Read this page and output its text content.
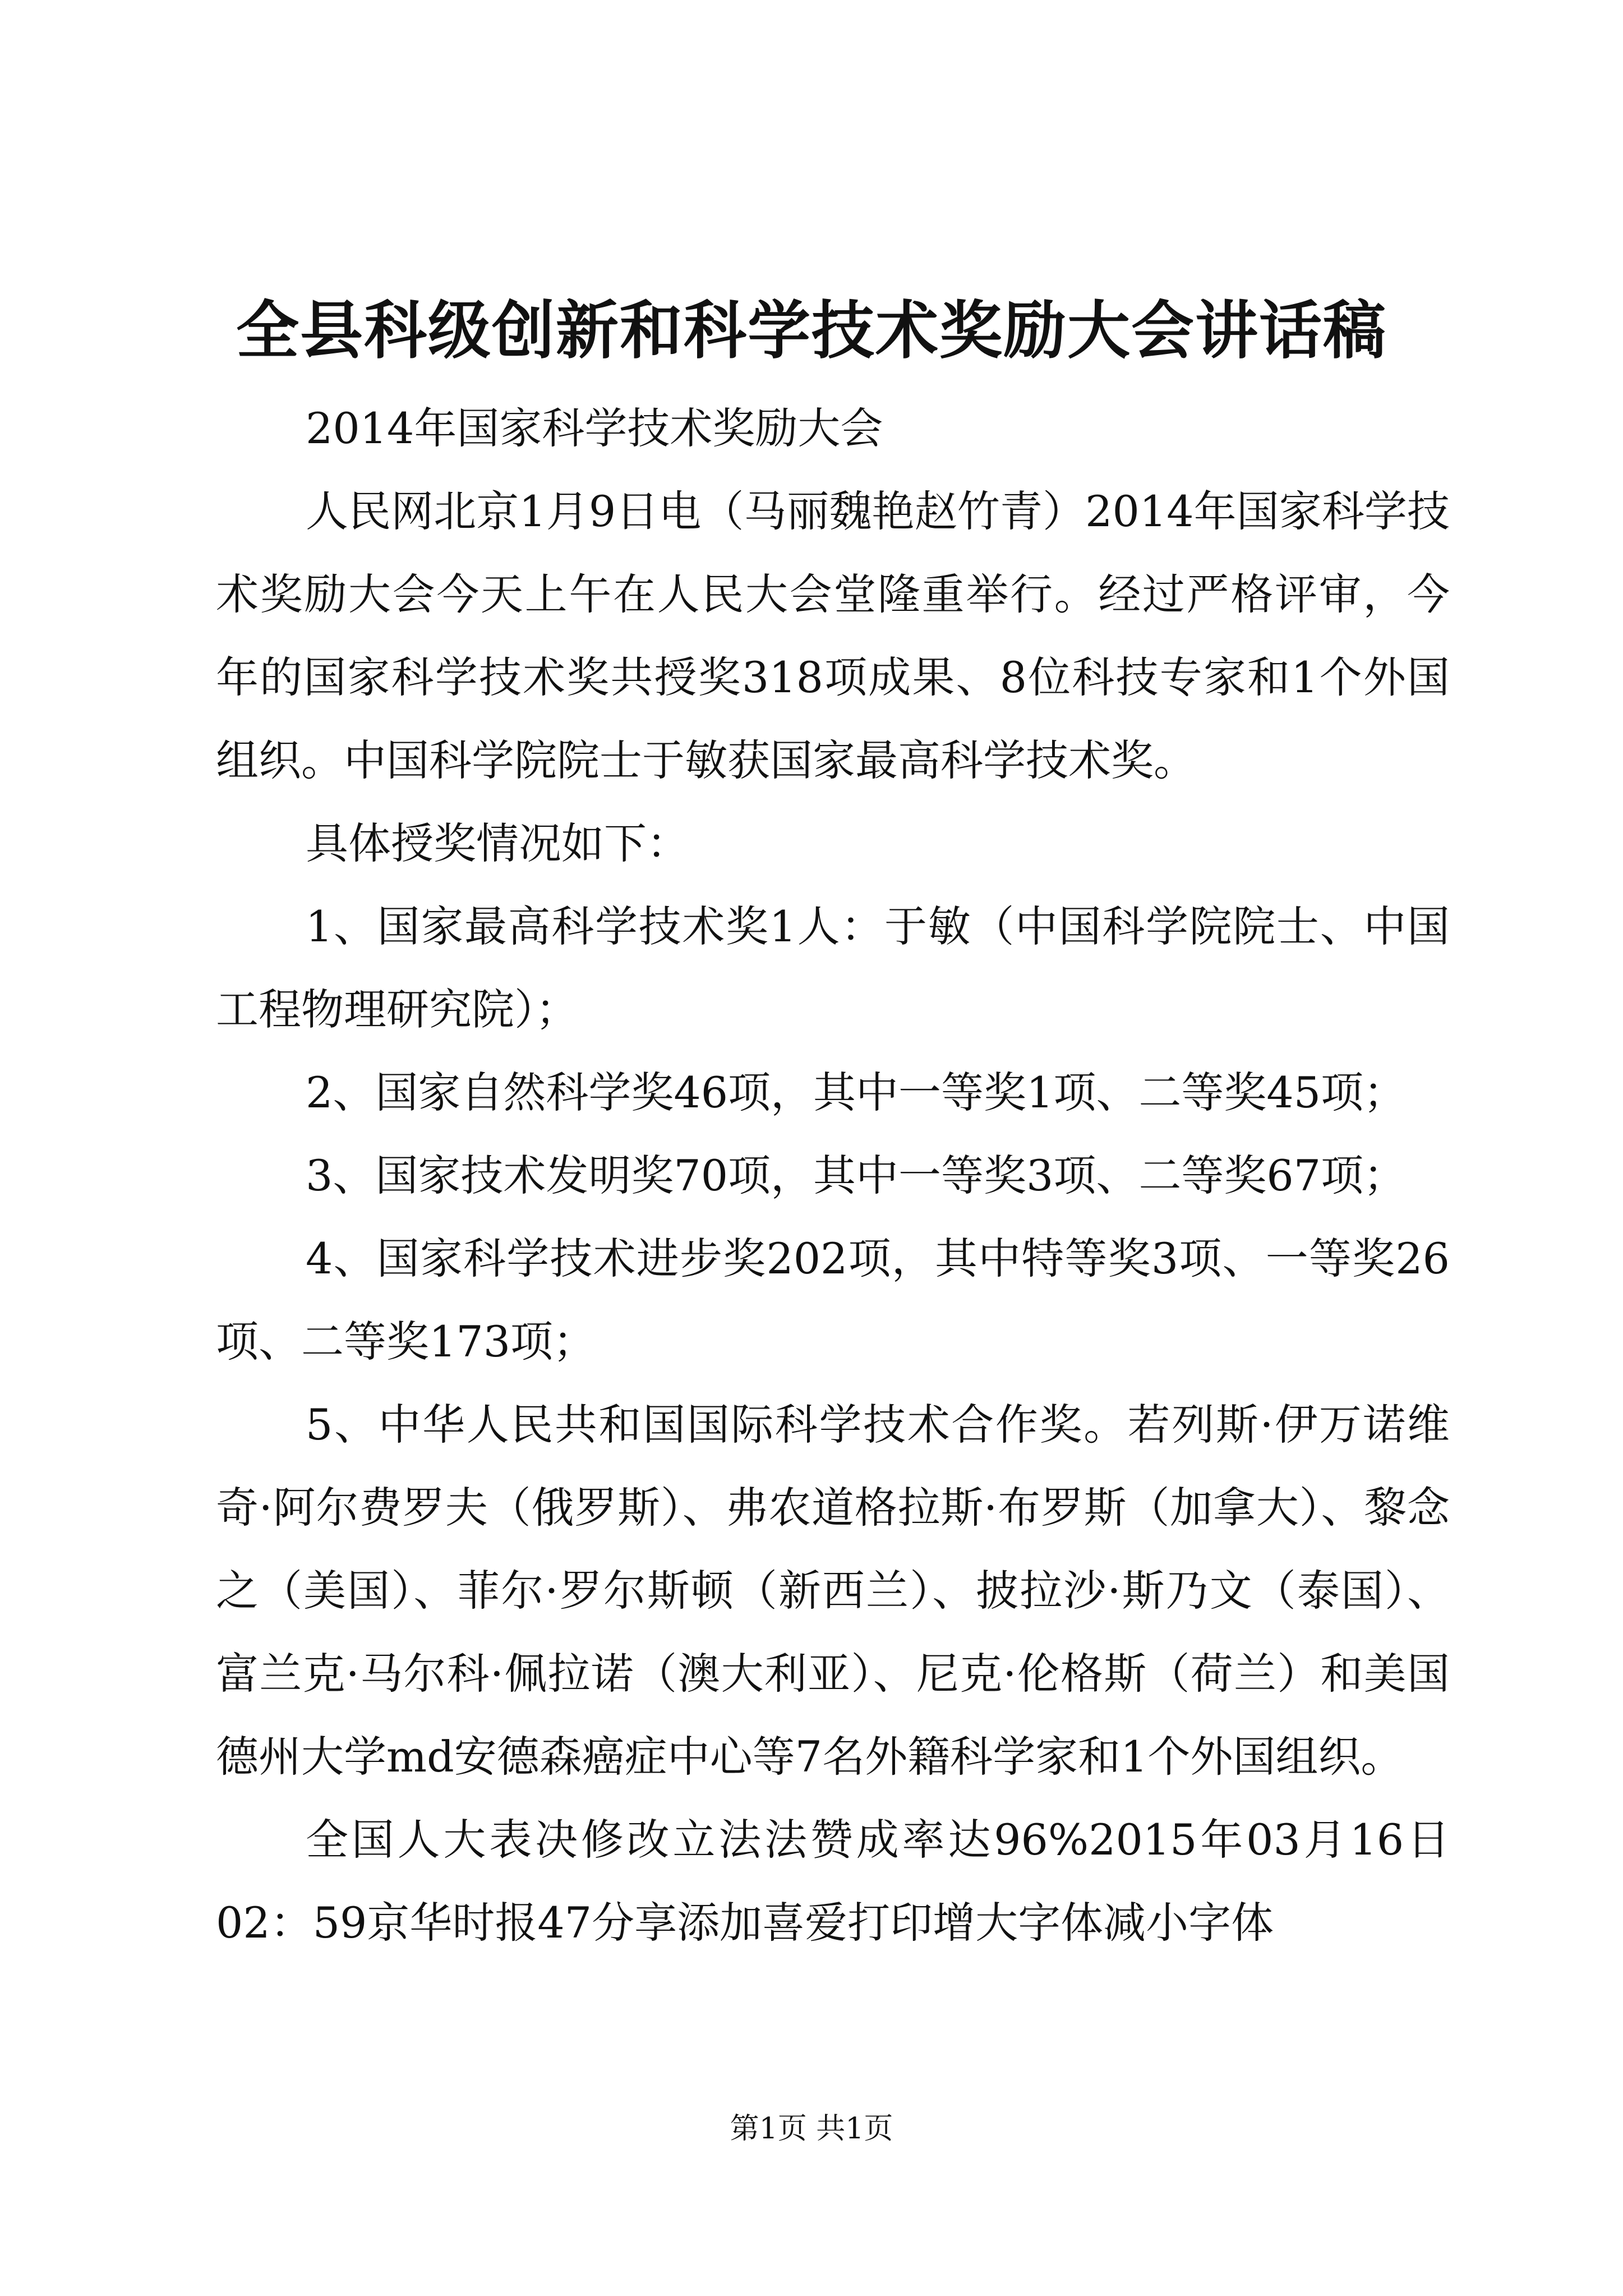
全县科级创新和科学技术奖励大会讲话稿

2014年国家科学技术奖励大会

人民网北京1月9日电（马丽魏艳赵竹青）2014年国家科学技术奖励大会今天上午在人民大会堂隆重举行。经过严格评审，今年的国家科学技术奖共授奖318项成果、8位科技专家和1个外国组织。中国科学院院士于敏获国家最高科学技术奖。

具体授奖情况如下：

1、国家最高科学技术奖1人：于敏（中国科学院院士、中国工程物理研究院）；

2、国家自然科学奖46项，其中一等奖1项、二等奖45项；

3、国家技术发明奖70项，其中一等奖3项、二等奖67项；

4、国家科学技术进步奖202项，其中特等奖3项、一等奖26项、二等奖173项；

5、中华人民共和国国际科学技术合作奖。若列斯·伊万诺维奇·阿尔费罗夫（俄罗斯）、弗农道格拉斯·布罗斯（加拿大）、黎念之（美国）、菲尔·罗尔斯顿（新西兰）、披拉沙·斯乃文（泰国）、富兰克·马尔科·佩拉诺（澳大利亚）、尼克·伦格斯（荷兰）和美国德州大学md安德森癌症中心等7名外籍科学家和1个外国组织。

全国人大表决修改立法法赞成率达96%2015年03月16日02：59京华时报47分享添加喜爱打印增大字体减小字体

第1页 共1页
